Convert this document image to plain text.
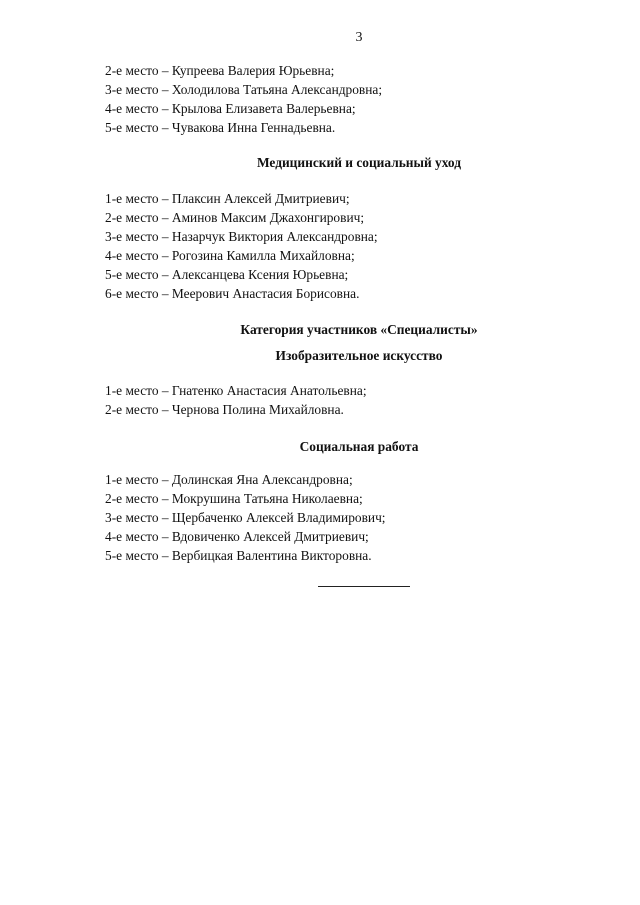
3
2-е место – Купреева Валерия Юрьевна;
3-е место – Холодилова Татьяна Александровна;
4-е место – Крылова Елизавета Валерьевна;
5-е место – Чувакова Инна Геннадьевна.
Медицинский и социальный уход
1-е место – Плаксин Алексей Дмитриевич;
2-е место – Аминов Максим Джахонгирович;
3-е место – Назарчук Виктория Александровна;
4-е место – Рогозина Камилла Михайловна;
5-е место – Алексанцева Ксения Юрьевна;
6-е место – Меерович Анастасия Борисовна.
Категория участников «Специалисты»
Изобразительное искусство
1-е место – Гнатенко Анастасия Анатольевна;
2-е место – Чернова Полина Михайловна.
Социальная работа
1-е место – Долинская Яна Александровна;
2-е место – Мокрушина Татьяна Николаевна;
3-е место – Щербаченко Алексей Владимирович;
4-е место – Вдовиченко Алексей Дмитриевич;
5-е место – Вербицкая Валентина Викторовна.
